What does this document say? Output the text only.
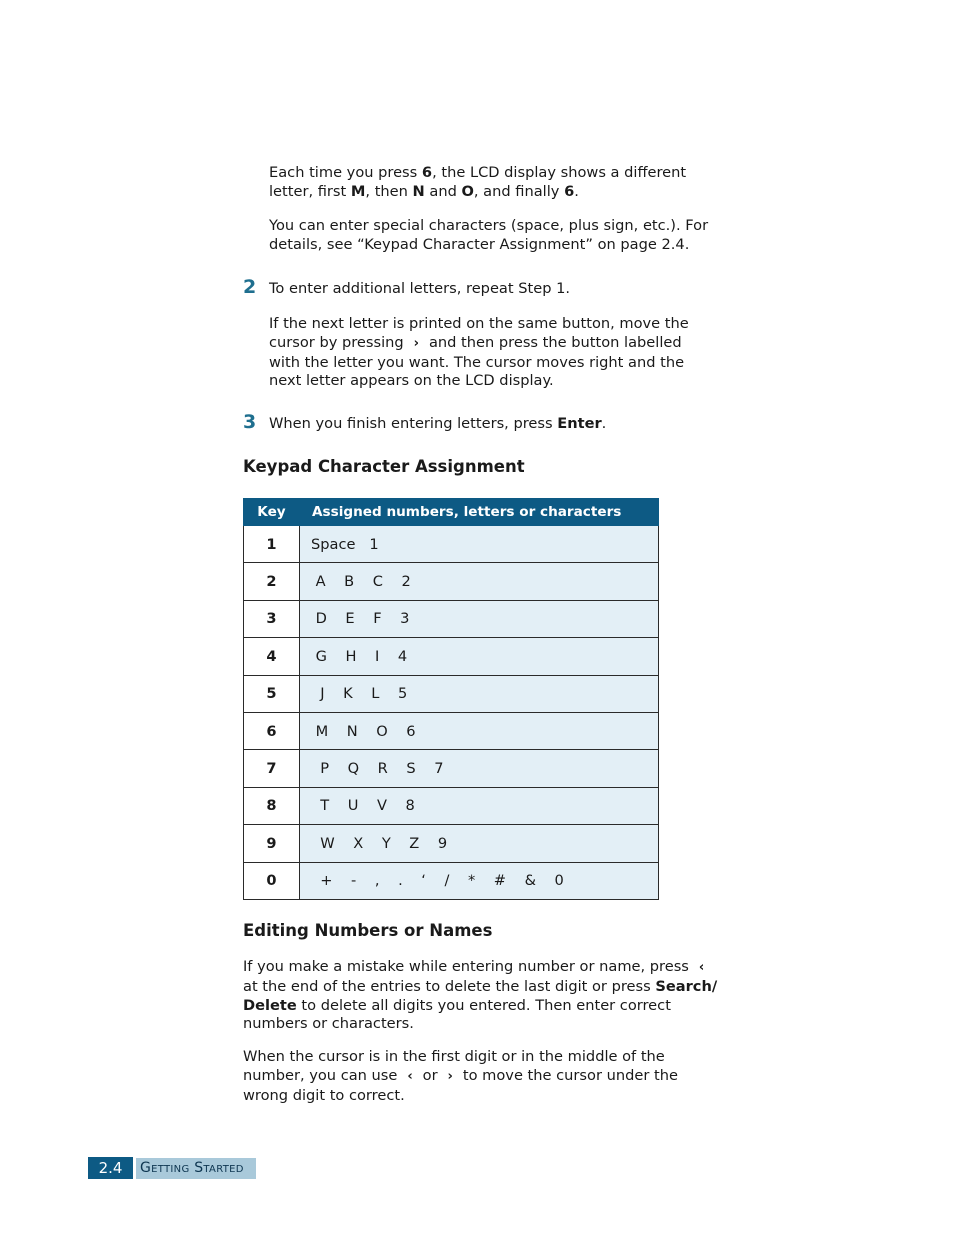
Each time you press 6, the LCD display shows a different
letter, first M, then N and O, and finally 6.
You can enter special characters (space, plus sign, etc.). For
details, see “Keypad Character Assignment” on page 2.4.
2 To enter additional letters, repeat Step 1.
If the next letter is printed on the same button, move the
cursor by pressing › and then press the button labelled
with the letter you want. The cursor moves right and the
next letter appears on the LCD display.
3 When you finish entering letters, press Enter.
Keypad Character Assignment
Key	Assigned numbers, letters or characters
1	Space   1
2	A    B    C    2
3	D    E    F    3
4	G    H    I    4
5	J    K    L    5
6	M    N    O    6
7	P    Q    R    S    7
8	T    U    V    8
9	W    X    Y    Z    9
0	+    -    ,    .    ‘    /    *    #    &    0
Editing Numbers or Names
If you make a mistake while entering number or name, press ‹
at the end of the entries to delete the last digit or press Search/
Delete to delete all digits you entered. Then enter correct
numbers or characters.
When the cursor is in the first digit or in the middle of the
number, you can use ‹ or › to move the cursor under the
wrong digit to correct.
2.4	Getting Started
